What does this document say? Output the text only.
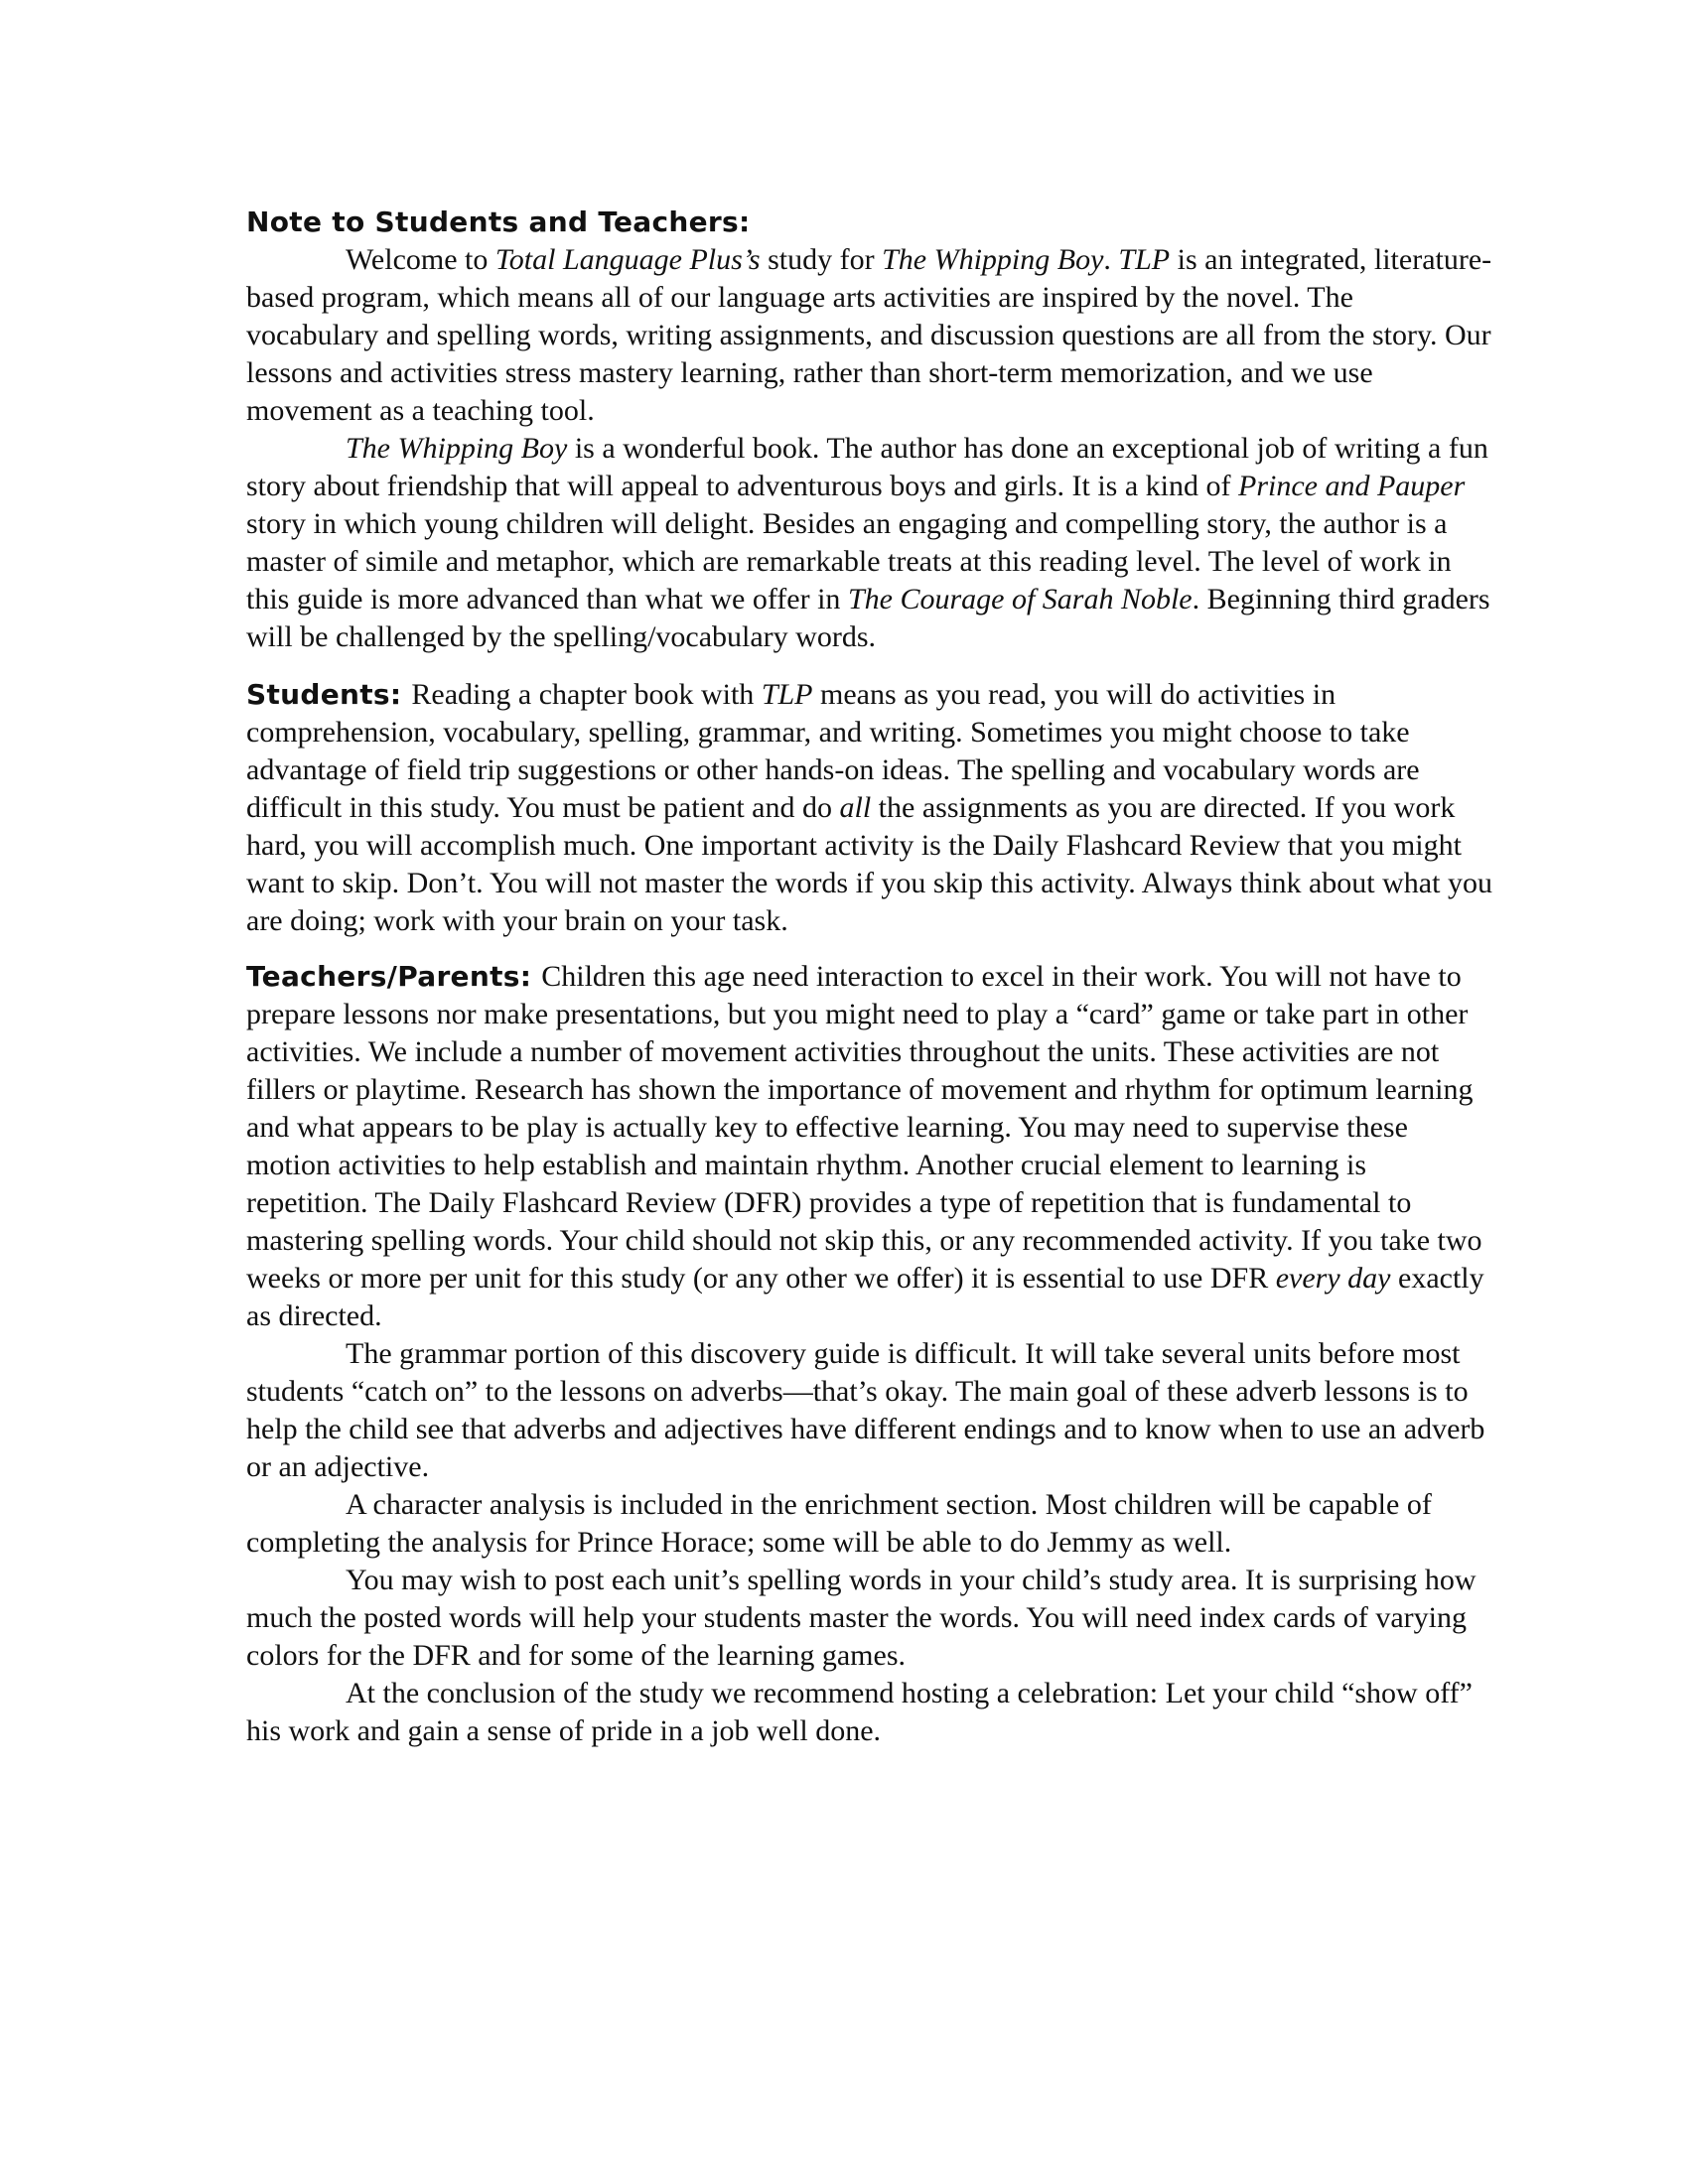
Note to Students and Teachers:

Welcome to Total Language Plus’s study for The Whipping Boy. TLP is an integrated, literature-based program, which means all of our language arts activities are inspired by the novel. The vocabulary and spelling words, writing assignments, and discussion questions are all from the story. Our lessons and activities stress mastery learning, rather than short-term memorization, and we use movement as a teaching tool.

The Whipping Boy is a wonderful book. The author has done an exceptional job of writing a fun story about friendship that will appeal to adventurous boys and girls. It is a kind of Prince and Pauper story in which young children will delight. Besides an engaging and compelling story, the author is a master of simile and metaphor, which are remarkable treats at this reading level. The level of work in this guide is more advanced than what we offer in The Courage of Sarah Noble. Beginning third graders will be challenged by the spelling/vocabulary words.

Students: Reading a chapter book with TLP means as you read, you will do activities in comprehension, vocabulary, spelling, grammar, and writing. Sometimes you might choose to take advantage of field trip suggestions or other hands-on ideas. The spelling and vocabulary words are difficult in this study. You must be patient and do all the assignments as you are directed. If you work hard, you will accomplish much. One important activity is the Daily Flashcard Review that you might want to skip. Don’t. You will not master the words if you skip this activity. Always think about what you are doing; work with your brain on your task.

Teachers/Parents: Children this age need interaction to excel in their work. You will not have to prepare lessons nor make presentations, but you might need to play a “card” game or take part in other activities. We include a number of movement activities throughout the units. These activities are not fillers or playtime. Research has shown the importance of movement and rhythm for optimum learning and what appears to be play is actually key to effective learning. You may need to supervise these motion activities to help establish and maintain rhythm. Another crucial element to learning is repetition. The Daily Flashcard Review (DFR) provides a type of repetition that is fundamental to mastering spelling words. Your child should not skip this, or any recommended activity. If you take two weeks or more per unit for this study (or any other we offer) it is essential to use DFR every day exactly as directed.

The grammar portion of this discovery guide is difficult. It will take several units before most students “catch on” to the lessons on adverbs—that’s okay. The main goal of these adverb lessons is to help the child see that adverbs and adjectives have different endings and to know when to use an adverb or an adjective.

A character analysis is included in the enrichment section. Most children will be capable of completing the analysis for Prince Horace; some will be able to do Jemmy as well.

You may wish to post each unit’s spelling words in your child’s study area. It is surprising how much the posted words will help your students master the words. You will need index cards of varying colors for the DFR and for some of the learning games.

At the conclusion of the study we recommend hosting a celebration: Let your child “show off” his work and gain a sense of pride in a job well done.
